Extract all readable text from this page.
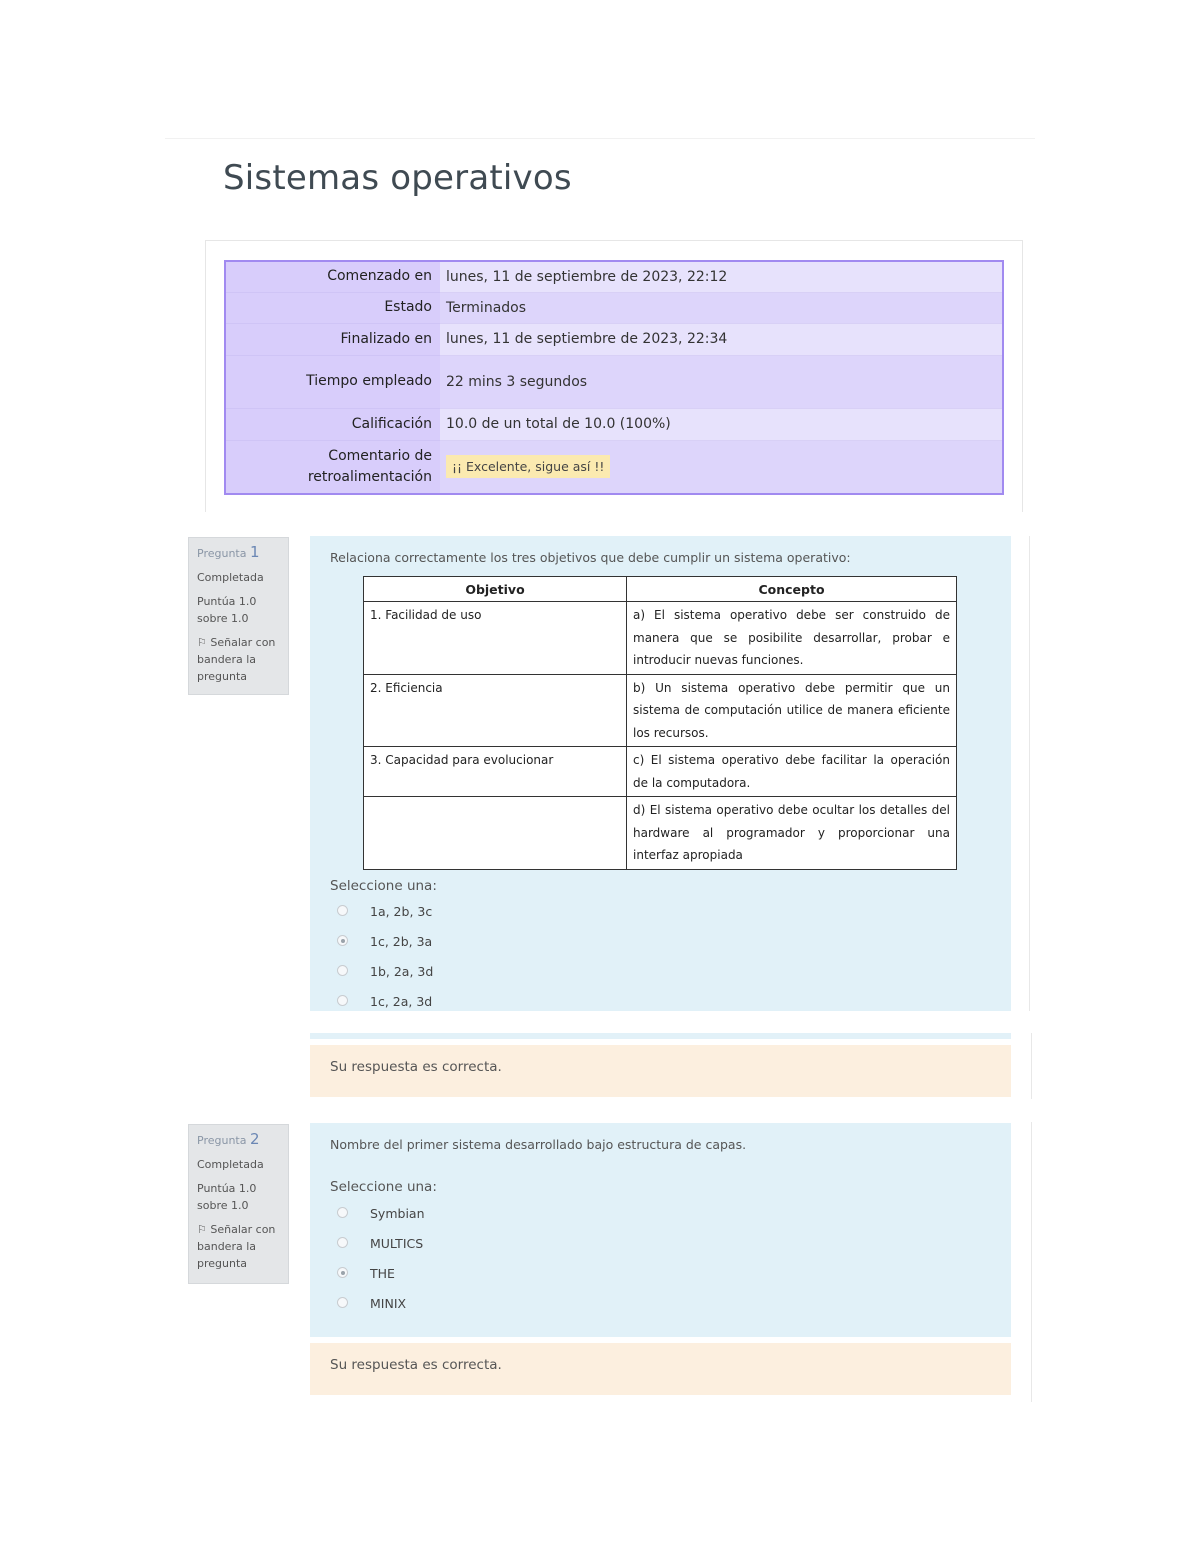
Sistemas operativos
Comenzado en	lunes, 11 de septiembre de 2023, 22:12
Estado	Terminados
Finalizado en	lunes, 11 de septiembre de 2023, 22:34
Tiempo empleado	22 mins 3 segundos
Calificación	10.0 de un total de 10.0 (100%)
Comentario de retroalimentación	¡¡ Excelente, sigue así !!
Pregunta 1
Completada
Puntúa 1.0 sobre 1.0
⚐ Señalar con bandera la pregunta
Relaciona correctamente los tres objetivos que debe cumplir un sistema operativo:
Objetivo	Concepto
1. Facilidad de uso	a) El sistema operativo debe ser construido de manera que se posibilite desarrollar, probar e introducir nuevas funciones.
2. Eficiencia	b) Un sistema operativo debe permitir que un sistema de computación utilice de manera eficiente los recursos.
3. Capacidad para evolucionar	c) El sistema operativo debe facilitar la operación de la computadora.
	d) El sistema operativo debe ocultar los detalles del hardware al programador y proporcionar una interfaz apropiada
Seleccione una:
1a, 2b, 3c
1c, 2b, 3a
1b, 2a, 3d
1c, 2a, 3d
Su respuesta es correcta.
Pregunta 2
Completada
Puntúa 1.0 sobre 1.0
⚐ Señalar con bandera la pregunta
Nombre del primer sistema desarrollado bajo estructura de capas.
Seleccione una:
Symbian
MULTICS
THE
MINIX
Su respuesta es correcta.
